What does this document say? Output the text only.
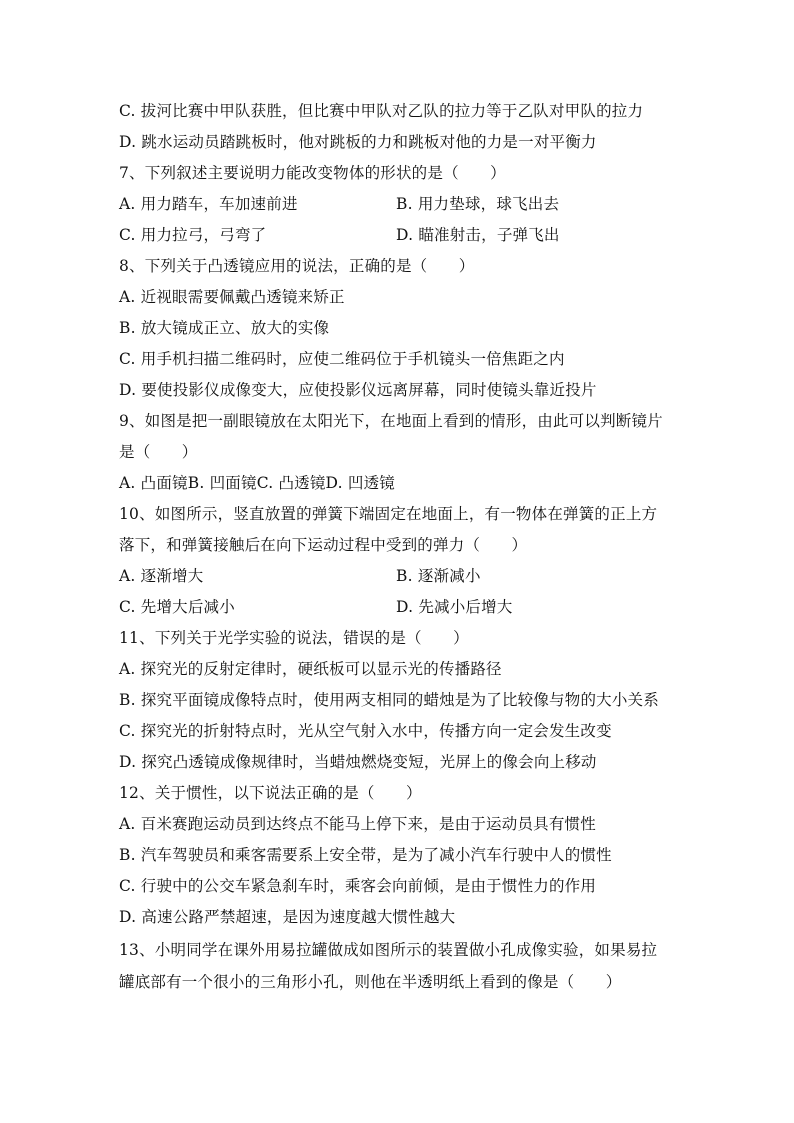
C. 拔河比赛中甲队获胜，但比赛中甲队对乙队的拉力等于乙队对甲队的拉力
D. 跳水运动员踏跳板时，他对跳板的力和跳板对他的力是一对平衡力
7、下列叙述主要说明力能改变物体的形状的是（　　）
A. 用力踏车，车加速前进	B. 用力垫球，球飞出去
C. 用力拉弓，弓弯了	D. 瞄准射击，子弹飞出
8、下列关于凸透镜应用的说法，正确的是（　　）
A. 近视眼需要佩戴凸透镜来矫正
B. 放大镜成正立、放大的实像
C. 用手机扫描二维码时，应使二维码位于手机镜头一倍焦距之内
D. 要使投影仪成像变大，应使投影仪远离屏幕，同时使镜头靠近投片
9、如图是把一副眼镜放在太阳光下，在地面上看到的情形，由此可以判断镜片
是（　　）
A. 凸面镜B. 凹面镜C. 凸透镜D. 凹透镜
10、如图所示，竖直放置的弹簧下端固定在地面上，有一物体在弹簧的正上方
落下，和弹簧接触后在向下运动过程中受到的弹力（　　）
A. 逐渐增大	B. 逐渐减小
C. 先增大后减小	D. 先减小后增大
11、下列关于光学实验的说法，错误的是（　　）
A. 探究光的反射定律时，硬纸板可以显示光的传播路径
B. 探究平面镜成像特点时，使用两支相同的蜡烛是为了比较像与物的大小关系
C. 探究光的折射特点时，光从空气射入水中，传播方向一定会发生改变
D. 探究凸透镜成像规律时，当蜡烛燃烧变短，光屏上的像会向上移动
12、关于惯性，以下说法正确的是（　　）
A. 百米赛跑运动员到达终点不能马上停下来，是由于运动员具有惯性
B. 汽车驾驶员和乘客需要系上安全带，是为了减小汽车行驶中人的惯性
C. 行驶中的公交车紧急刹车时，乘客会向前倾，是由于惯性力的作用
D. 高速公路严禁超速，是因为速度越大惯性越大
13、小明同学在课外用易拉罐做成如图所示的装置做小孔成像实验，如果易拉
罐底部有一个很小的三角形小孔，则他在半透明纸上看到的像是（　　）
